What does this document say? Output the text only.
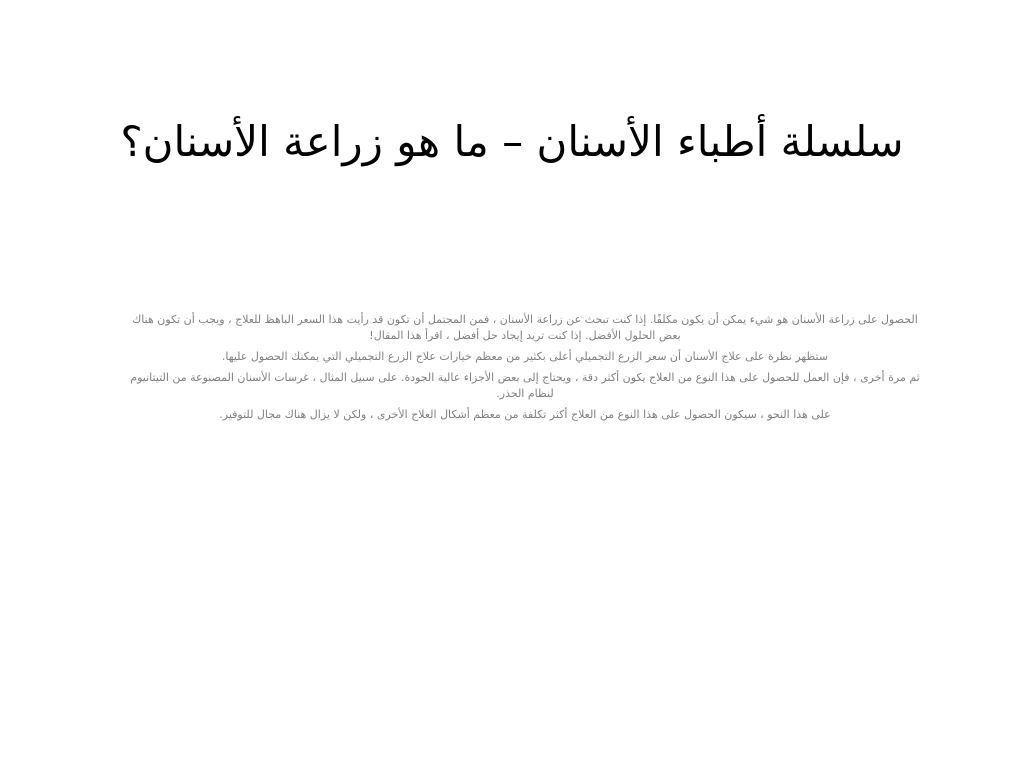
سلسلة أطباء الأسنان – ما هو زراعة الأسنان؟

الحصول على زراعة الأسنان هو شيء يمكن أن يكون مكلفًا. إذا كنت تبحث عن زراعة الأسنان ، فمن المحتمل أن تكون قد رأيت هذا السعر الباهظ للعلاج ، ويجب أن تكون هناك بعض الحلول الأفضل. إذا كنت تريد إيجاد حل أفضل ، اقرأ هذا المقال!

ستظهر نظرة على علاج الأسنان أن سعر الزرع التجميلي أعلى بكثير من معظم خيارات علاج الزرع التجميلي التي يمكنك الحصول عليها.

ثم مرة أخرى ، فإن العمل للحصول على هذا النوع من العلاج يكون أكثر دقة ، ويحتاج إلى بعض الأجزاء عالية الجودة. على سبيل المثال ، غرسات الأسنان المصنوعة من التيتانيوم لنظام الجذر.

على هذا النحو ، سيكون الحصول على هذا النوع من العلاج أكثر تكلفة من معظم أشكال العلاج الأخرى ، ولكن لا يزال هناك مجال للتوفير.
